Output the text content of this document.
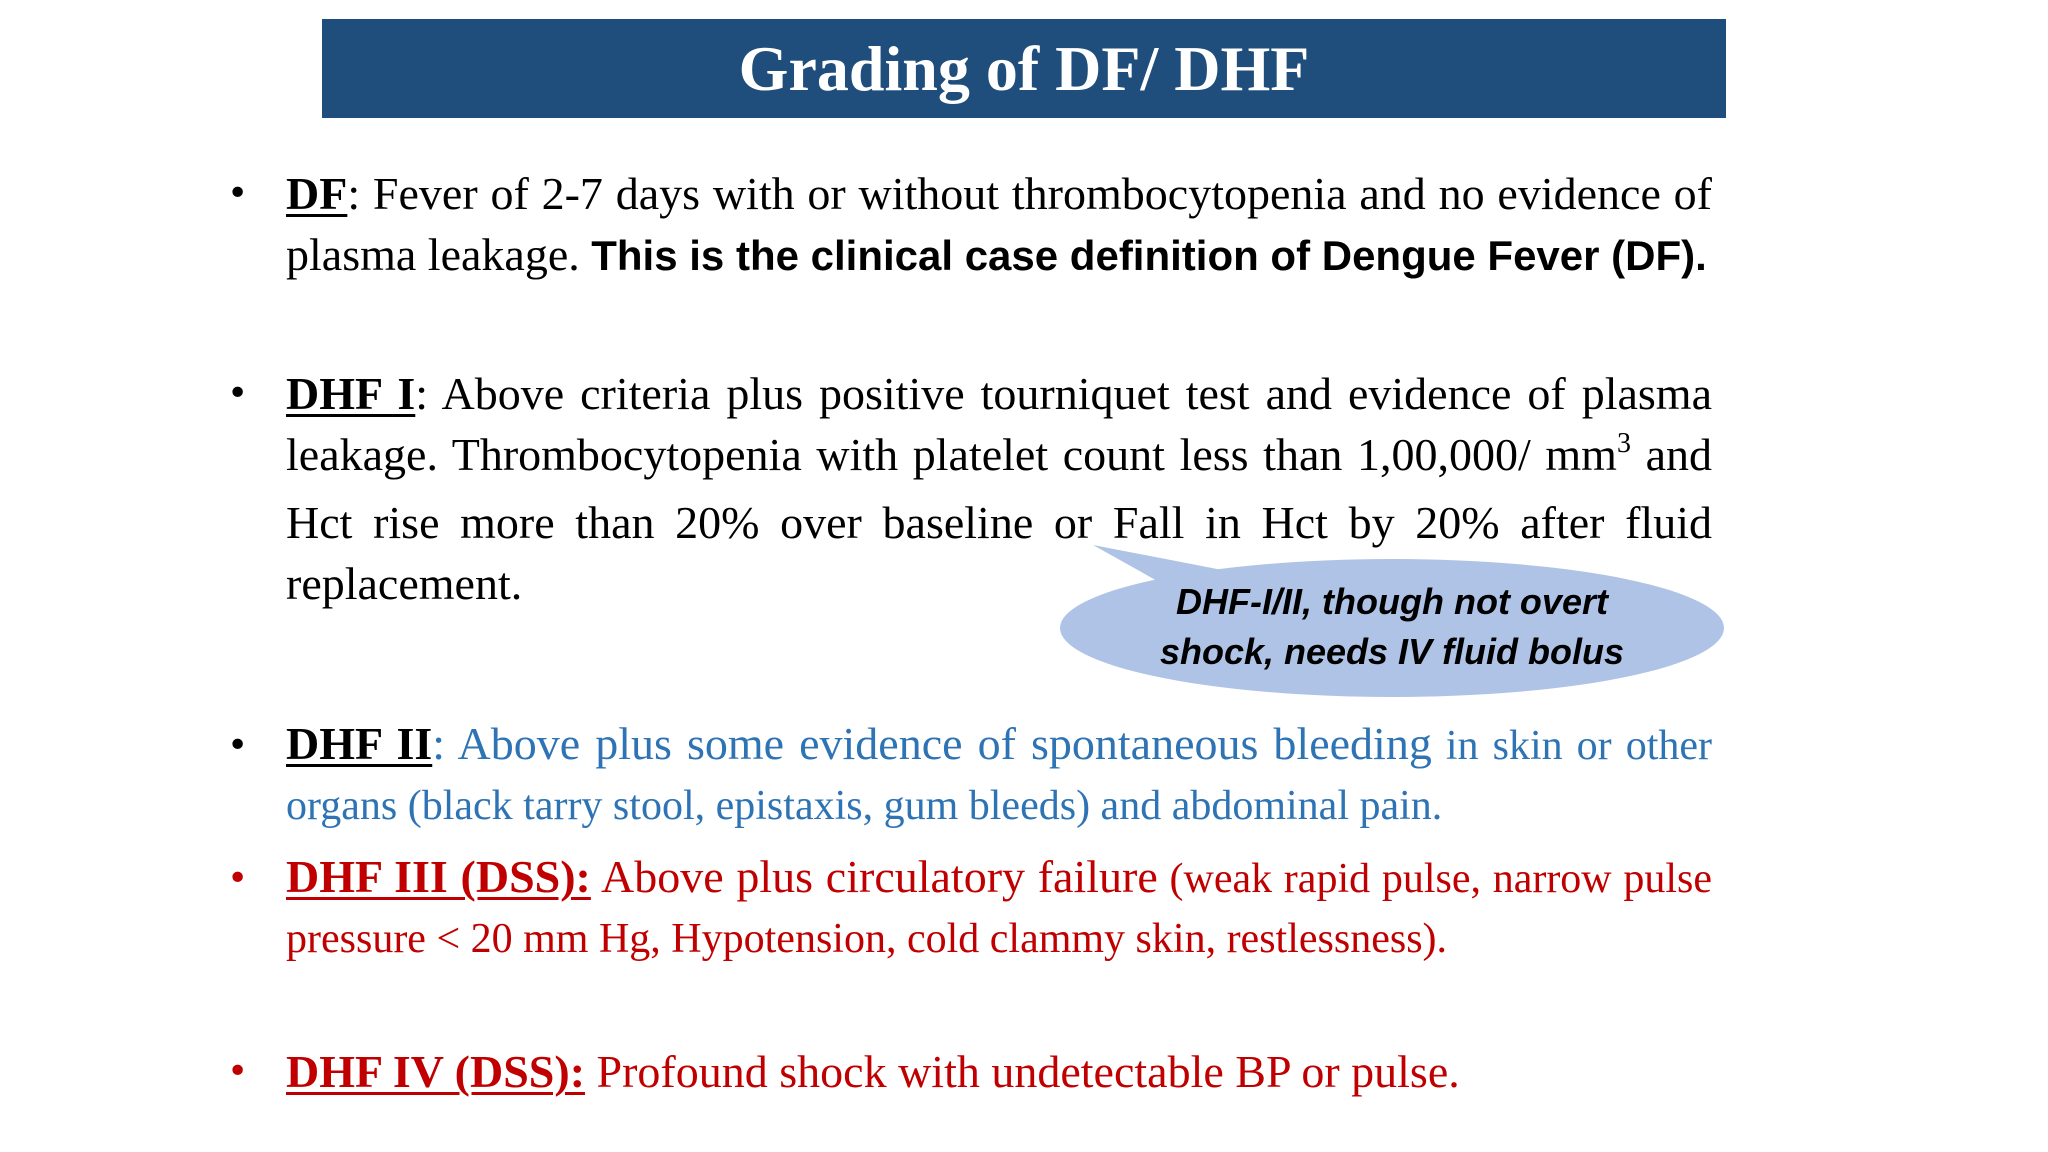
Grading of DF/ DHF
• DF: Fever of 2-7 days with or without thrombocytopenia and no evidence of plasma leakage. This is the clinical case definition of Dengue Fever (DF).
• DHF I: Above criteria plus positive tourniquet test and evidence of plasma leakage. Thrombocytopenia with platelet count less than 1,00,000/ $mm^3$ and Hct rise more than 20% over baseline or Fall in Hct by 20% after fluid replacement.	DHF-I/II, though not overt
shock, needs IV fluid bolus
• DHF II: Above plus some evidence of spontaneous bleeding in skin or other organs (black tarry stool, epistaxis, gum bleeds) and abdominal pain.
• DHF III (DSS): Above plus circulatory failure (weak rapid pulse, narrow pulse pressure < 20 mm Hg, Hypotension, cold clammy skin, restlessness).
• DHF IV (DSS): Profound shock with undetectable BP or pulse.
